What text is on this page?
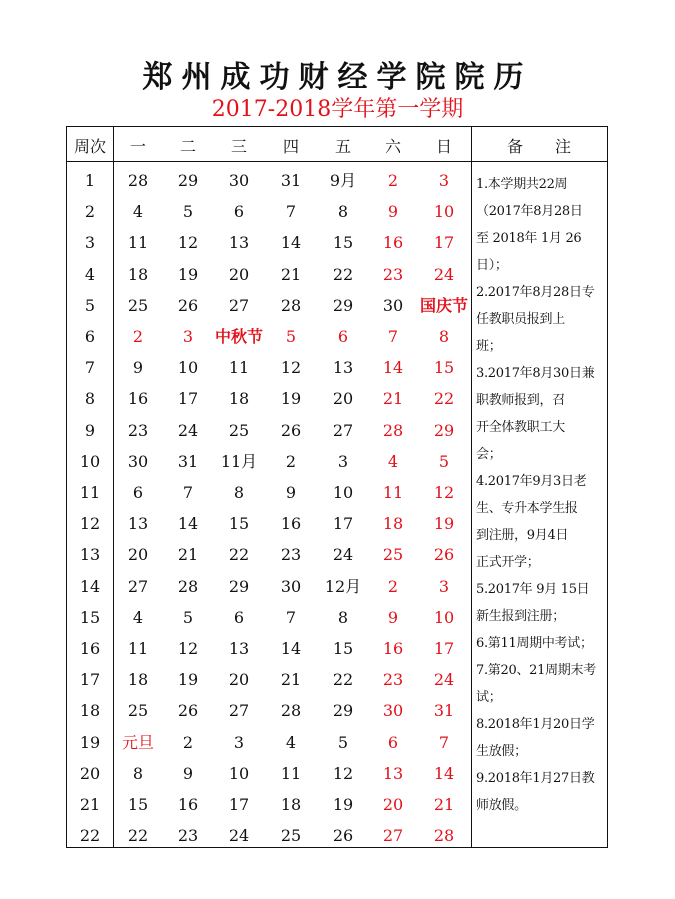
郑州成功财经学院院历
2017-2018学年第一学期
周次	一	二	三	四	五	六	日	备　　注
1	28	29	30	31	9月	2	3
2	4	5	6	7	8	9	10
3	11	12	13	14	15	16	17
4	18	19	20	21	22	23	24
5	25	26	27	28	29	30	国庆节
6	2	3	中秋节	5	6	7	8
7	9	10	11	12	13	14	15
8	16	17	18	19	20	21	22
9	23	24	25	26	27	28	29
10	30	31	11月	2	3	4	5
11	6	7	8	9	10	11	12
12	13	14	15	16	17	18	19
13	20	21	22	23	24	25	26
14	27	28	29	30	12月	2	3
15	4	5	6	7	8	9	10
16	11	12	13	14	15	16	17
17	18	19	20	21	22	23	24
18	25	26	27	28	29	30	31
19	元旦	2	3	4	5	6	7
20	8	9	10	11	12	13	14
21	15	16	17	18	19	20	21
22	22	23	24	25	26	27	28
1.本学期共22周
（2017年8月28日
至 2018年 1月 26
日）；
2.2017年8月28日专
任教职员报到上
班；
3.2017年8月30日兼
职教师报到，召
开全体教职工大
会；
4.2017年9月3日老
生、专升本学生报
到注册，9月4日
正式开学；
5.2017年 9月 15日
新生报到注册；
6.第11周期中考试；
7.第20、21周期末考
试；
8.2018年1月20日学
生放假；
9.2018年1月27日教
师放假。
